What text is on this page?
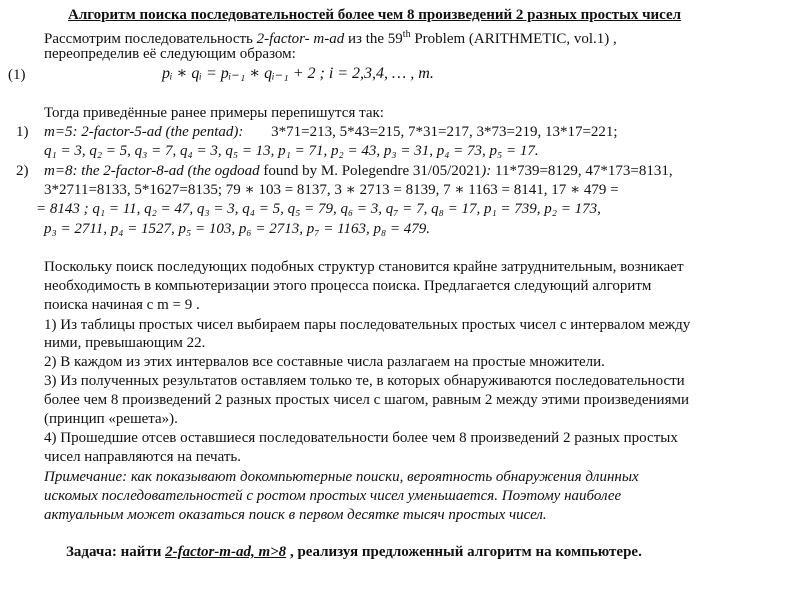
Алгоритм поиска последовательностей более чем 8 произведений 2 разных простых чисел
Рассмотрим последовательность 2-factor- m-ad из the 59th Problem (ARITHMETIC, vol.1) ,
переопределив её следующим образом:
(1)	pᵢ ∗ qᵢ = pᵢ₋₁ ∗ qᵢ₋₁ + 2 ; i = 2,3,4, … , m.
Тогда приведённые ранее примеры перепишутся так:
1) m=5: 2-factor-5-ad (the pentad): 3*71=213, 5*43=215, 7*31=217, 3*73=219, 13*17=221;
q₁ = 3, q₂ = 5, q₃ = 7, q₄ = 3, q₅ = 13, p₁ = 71, p₂ = 43, p₃ = 31, p₄ = 73, p₅ = 17.
2) m=8: the 2-factor-8-ad (the ogdoad found by M. Polegendre 31/05/2021): 11*739=8129, 47*173=8131,
3*2711=8133, 5*1627=8135; 79 ∗ 103 = 8137, 3 ∗ 2713 = 8139, 7 ∗ 1163 = 8141, 17 ∗ 479 =
= 8143 ; q₁ = 11, q₂ = 47, q₃ = 3, q₄ = 5, q₅ = 79, q₆ = 3, q₇ = 7, q₈ = 17, p₁ = 739, p₂ = 173,
p₃ = 2711, p₄ = 1527, p₅ = 103, p₆ = 2713, p₇ = 1163, p₈ = 479.
Поскольку поиск последующих подобных структур становится крайне затруднительным, возникает
необходимость в компьютеризации этого процесса поиска. Предлагается следующий алгоритм
поиска начиная с m = 9 .
1) Из таблицы простых чисел выбираем пары последовательных простых чисел с интервалом между
ними, превышающим 22.
2) В каждом из этих интервалов все составные числа разлагаем на простые множители.
3) Из полученных результатов оставляем только те, в которых обнаруживаются последовательности
более чем 8 произведений 2 разных простых чисел с шагом, равным 2 между этими произведениями
(принцип «решета»).
4) Прошедшие отсев оставшиеся последовательности более чем 8 произведений 2 разных простых
чисел направляются на печать.
Примечание: как показывают докомпьютерные поиски, вероятность обнаружения длинных
искомых последовательностей с ростом простых чисел уменьшается. Поэтому наиболее
актуальным может оказаться поиск в первом десятке тысяч простых чисел.
Задача: найти 2-factor-m-ad, m>8 , реализуя предложенный алгоритм на компьютере.
